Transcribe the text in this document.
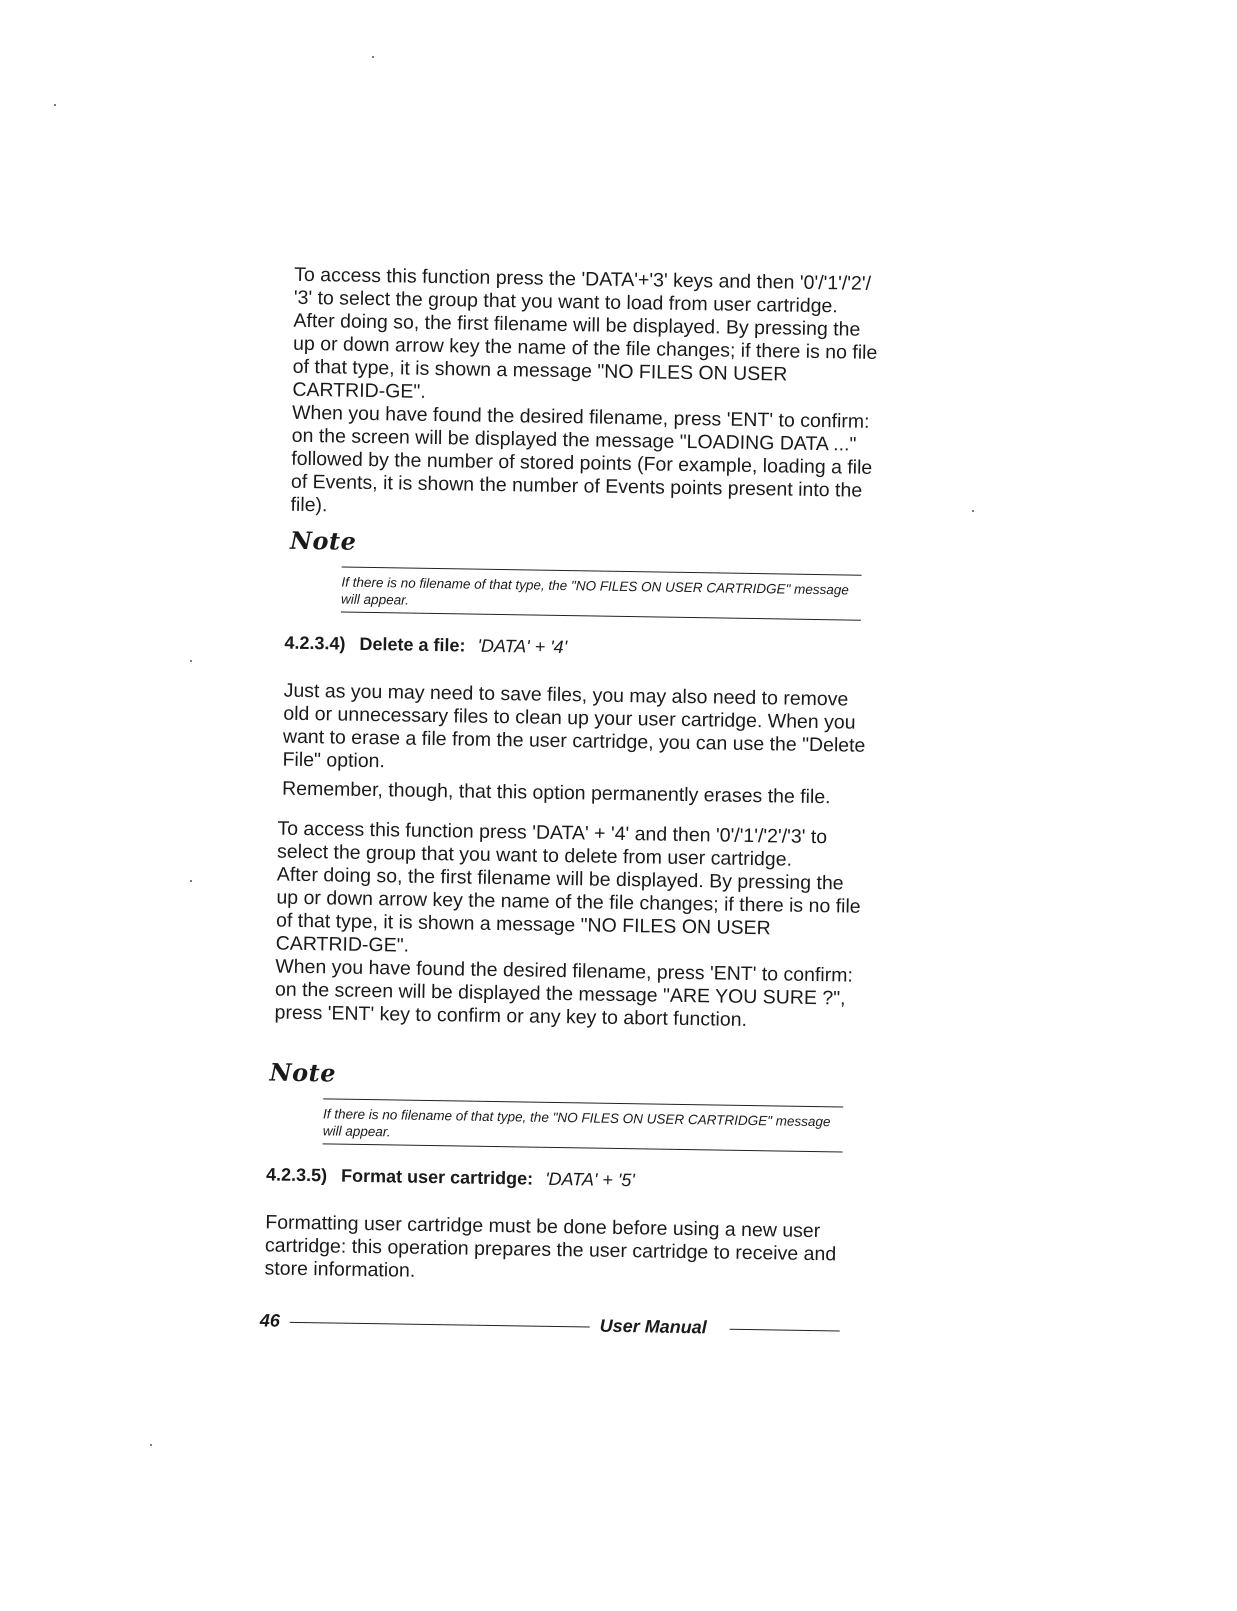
To access this function press the 'DATA'+'3' keys and then '0'/'1'/'2'/ '3' to select the group that you want to load from user cartridge. After doing so, the first filename will be displayed. By pressing the up or down arrow key the name of the file changes; if there is no file of that type, it is shown a message "NO FILES ON USER CARTRID-GE".

When you have found the desired filename, press 'ENT' to confirm: on the screen will be displayed the message "LOADING DATA ..." followed by the number of stored points (For example, loading a file of Events, it is shown the number of Events points present into the file).

Note
If there is no filename of that type, the "NO FILES ON USER CARTRIDGE" message will appear.
4.2.3.4) Delete a file: 'DATA' + '4'

Just as you may need to save files, you may also need to remove old or unnecessary files to clean up your user cartridge. When you want to erase a file from the user cartridge, you can use the "Delete File" option.

Remember, though, that this option permanently erases the file.

To access this function press 'DATA' + '4' and then '0'/'1'/'2'/'3' to select the group that you want to delete from user cartridge.

After doing so, the first filename will be displayed. By pressing the up or down arrow key the name of the file changes; if there is no file of that type, it is shown a message "NO FILES ON USER CARTRID-GE".

When you have found the desired filename, press 'ENT' to confirm: on the screen will be displayed the message "ARE YOU SURE ?", press 'ENT' key to confirm or any key to abort function.

Note
If there is no filename of that type, the "NO FILES ON USER CARTRIDGE" message will appear.
4.2.3.5) Format user cartridge: 'DATA' + '5'

Formatting user cartridge must be done before using a new user cartridge: this operation prepares the user cartridge to receive and store information.

46	User Manual
